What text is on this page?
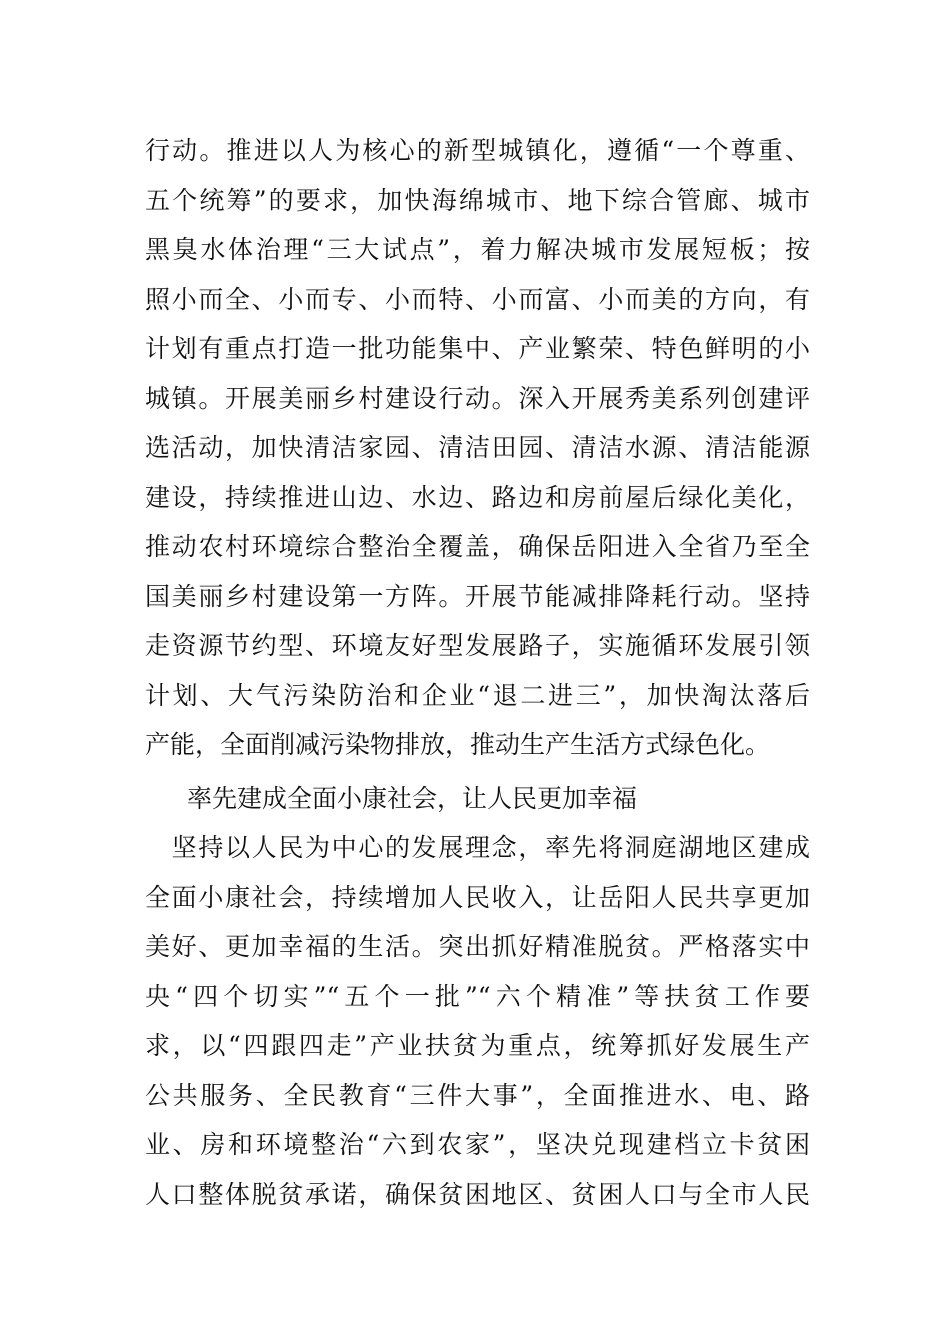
行动。推进以人为核心的新型城镇化，遵循“一个尊重、
五个统筹”的要求，加快海绵城市、地下综合管廊、城市
黑臭水体治理“三大试点”，着力解决城市发展短板；按
照小而全、小而专、小而特、小而富、小而美的方向，有
计划有重点打造一批功能集中、产业繁荣、特色鲜明的小
城镇。开展美丽乡村建设行动。深入开展秀美系列创建评
选活动，加快清洁家园、清洁田园、清洁水源、清洁能源
建设，持续推进山边、水边、路边和房前屋后绿化美化，
推动农村环境综合整治全覆盖，确保岳阳进入全省乃至全
国美丽乡村建设第一方阵。开展节能减排降耗行动。坚持
走资源节约型、环境友好型发展路子，实施循环发展引领
计划、大气污染防治和企业“退二进三”，加快淘汰落后
产能，全面削减污染物排放，推动生产生活方式绿色化。
率先建成全面小康社会，让人民更加幸福
　坚持以人民为中心的发展理念，率先将洞庭湖地区建成
全面小康社会，持续增加人民收入，让岳阳人民共享更加
美好、更加幸福的生活。突出抓好精准脱贫。严格落实中
央“四个切实”“五个一批”“六个精准”等扶贫工作要
求，以“四跟四走”产业扶贫为重点，统筹抓好发展生产
公共服务、全民教育“三件大事”，全面推进水、电、路
业、房和环境整治“六到农家”，坚决兑现建档立卡贫困
人口整体脱贫承诺，确保贫困地区、贫困人口与全市人民
